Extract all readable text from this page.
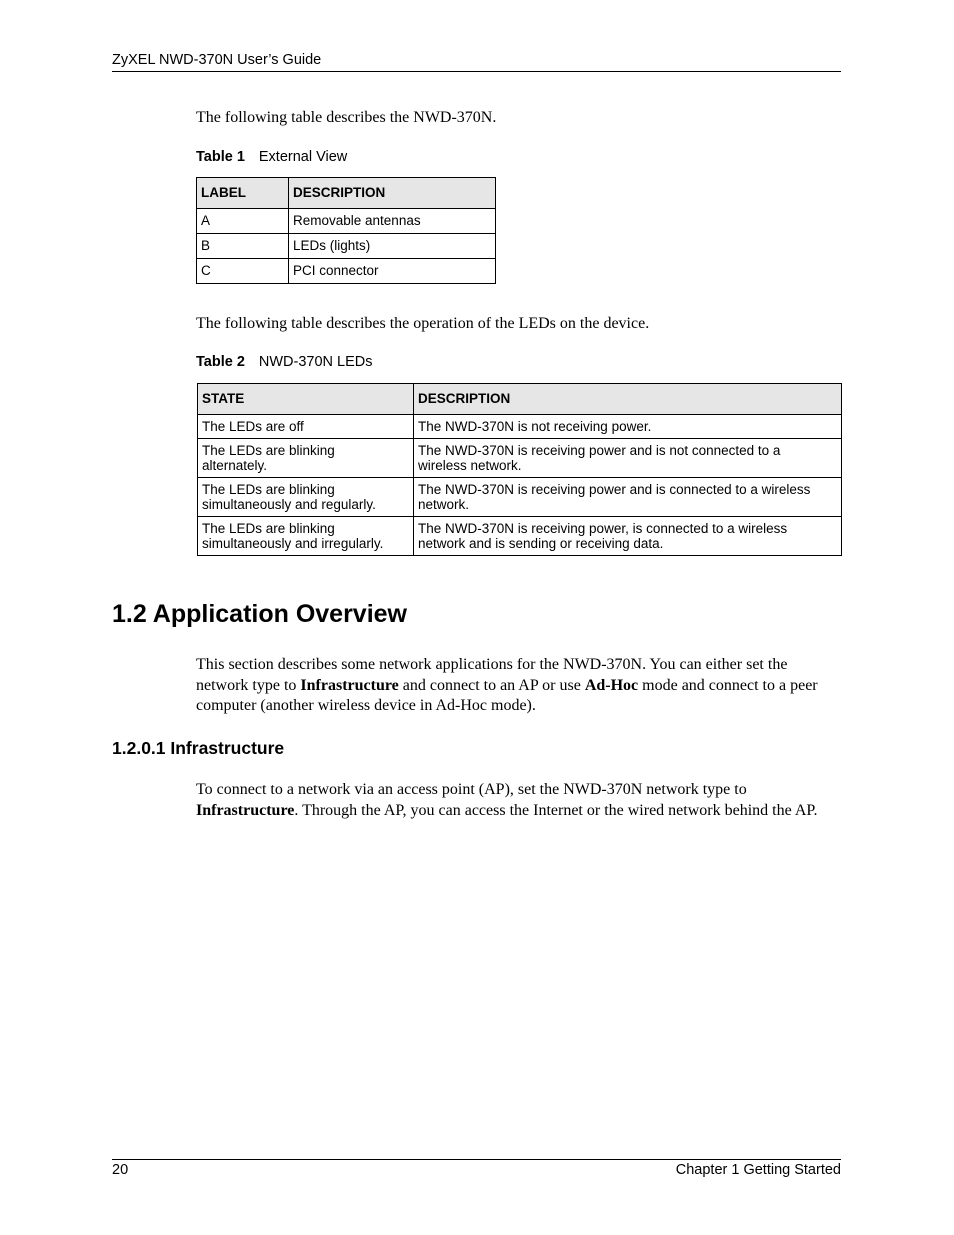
ZyXEL NWD-370N User’s Guide
The following table describes the NWD-370N.
Table 1 External View
LABEL	DESCRIPTION
A	Removable antennas
B	LEDs (lights)
C	PCI connector
The following table describes the operation of the LEDs on the device.
Table 2 NWD-370N LEDs
STATE	DESCRIPTION
The LEDs are off	The NWD-370N is not receiving power.
The LEDs are blinking alternately.	The NWD-370N is receiving power and is not connected to a wireless network.
The LEDs are blinking simultaneously and regularly.	The NWD-370N is receiving power and is connected to a wireless network.
The LEDs are blinking simultaneously and irregularly.	The NWD-370N is receiving power, is connected to a wireless network and is sending or receiving data.
1.2 Application Overview
This section describes some network applications for the NWD-370N. You can either set the network type to Infrastructure and connect to an AP or use Ad-Hoc mode and connect to a peer computer (another wireless device in Ad-Hoc mode).
1.2.0.1 Infrastructure
To connect to a network via an access point (AP), set the NWD-370N network type to Infrastructure. Through the AP, you can access the Internet or the wired network behind the AP.
20	Chapter 1 Getting Started
